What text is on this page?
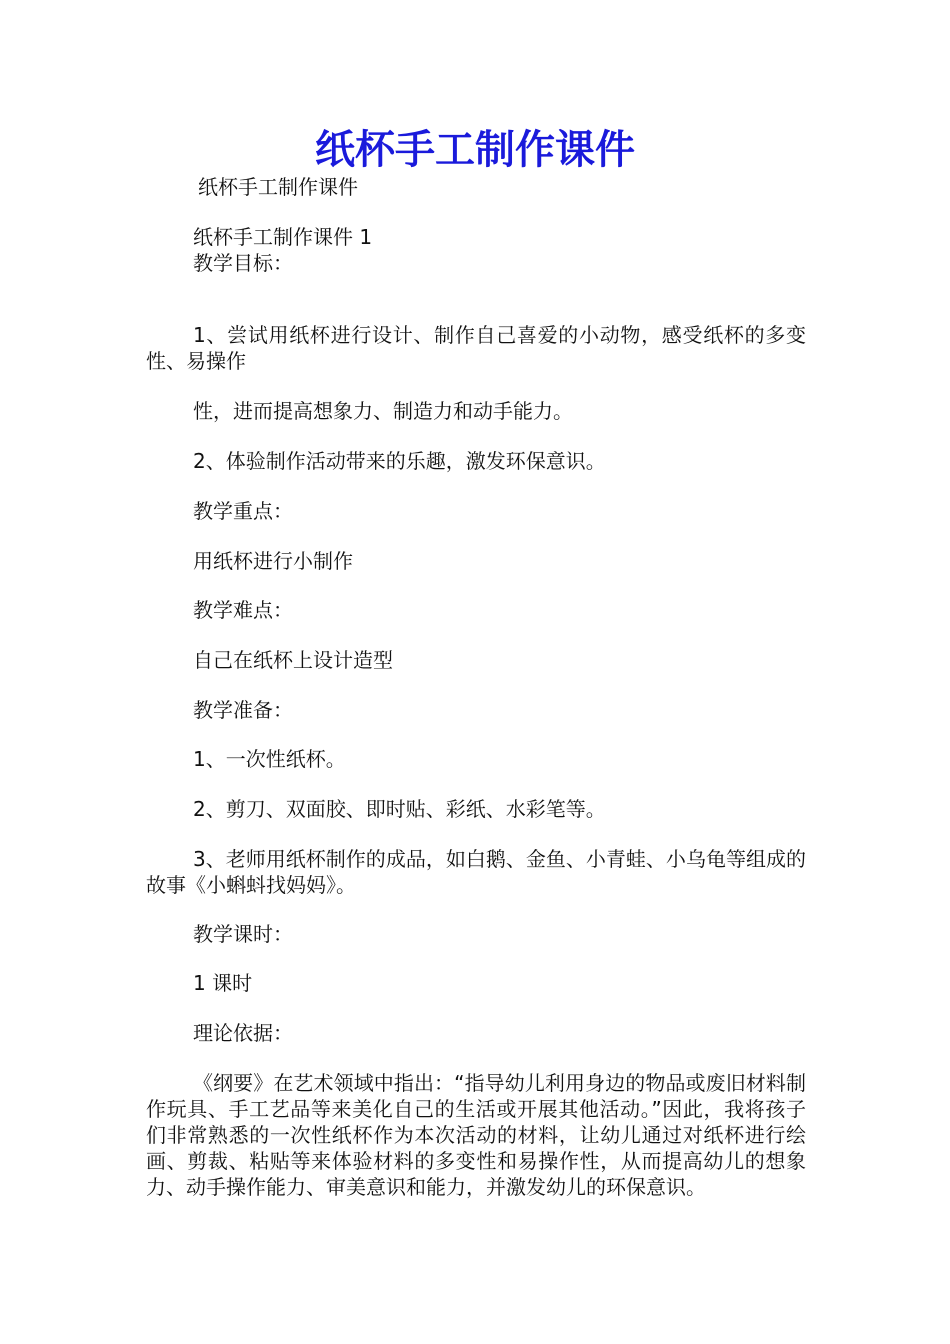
纸杯手工制作课件

纸杯手工制作课件

纸杯手工制作课件 1

教学目标：

1、尝试用纸杯进行设计、制作自己喜爱的小动物，感受纸杯的多变性、易操作

性，进而提高想象力、制造力和动手能力。

2、体验制作活动带来的乐趣，激发环保意识。

教学重点：

用纸杯进行小制作

教学难点：

自己在纸杯上设计造型

教学准备：

1、一次性纸杯。

2、剪刀、双面胶、即时贴、彩纸、水彩笔等。

3、老师用纸杯制作的成品，如白鹅、金鱼、小青蛙、小乌龟等组成的故事《小蝌蚪找妈妈》。

教学课时：

1 课时

理论依据：

《纲要》在艺术领域中指出：“指导幼儿利用身边的物品或废旧材料制作玩具、手工艺品等来美化自己的生活或开展其他活动。”因此，我将孩子们非常熟悉的一次性纸杯作为本次活动的材料，让幼儿通过对纸杯进行绘画、剪裁、粘贴等来体验材料的多变性和易操作性，从而提高幼儿的想象力、动手操作能力、审美意识和能力，并激发幼儿的环保意识。
